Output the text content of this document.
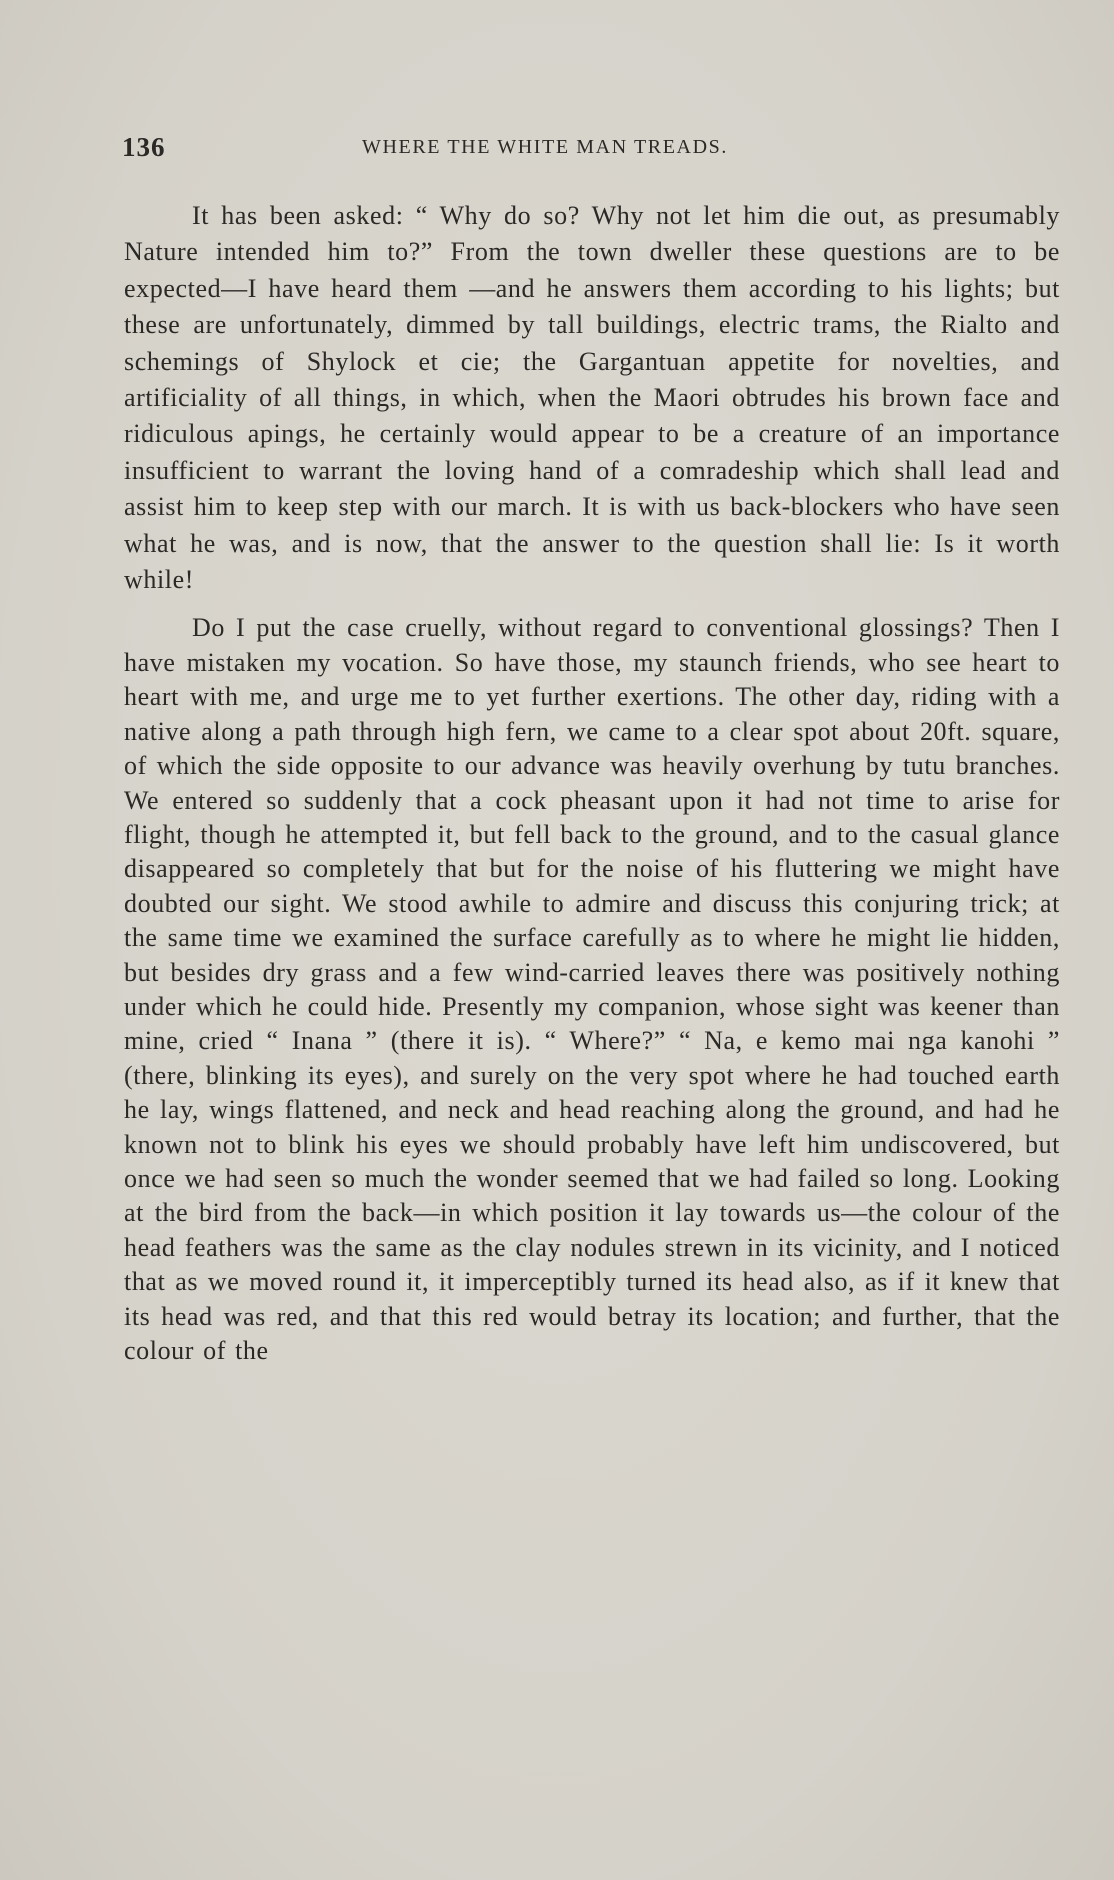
136	WHERE THE WHITE MAN TREADS.

It has been asked: “ Why do so? Why not let him die out, as presumably Nature intended him to?” From the town dweller these questions are to be expected—I have heard them —and he answers them according to his lights; but these are unfortunately, dimmed by tall buildings, electric trams, the Rialto and schemings of Shylock et cie; the Gargantuan appetite for novelties, and artificiality of all things, in which, when the Maori obtrudes his brown face and ridiculous apings, he certainly would appear to be a creature of an importance insufficient to warrant the loving hand of a comradeship which shall lead and assist him to keep step with our march. It is with us back-blockers who have seen what he was, and is now, that the answer to the question shall lie: Is it worth while!

Do I put the case cruelly, without regard to conventional glossings? Then I have mistaken my vocation. So have those, my staunch friends, who see heart to heart with me, and urge me to yet further exertions. The other day, riding with a native along a path through high fern, we came to a clear spot about 20ft. square, of which the side opposite to our advance was heavily overhung by tutu branches. We entered so suddenly that a cock pheasant upon it had not time to arise for flight, though he attempted it, but fell back to the ground, and to the casual glance disappeared so completely that but for the noise of his fluttering we might have doubted our sight. We stood awhile to admire and discuss this conjuring trick; at the same time we examined the surface carefully as to where he might lie hidden, but besides dry grass and a few wind-carried leaves there was positively nothing under which he could hide. Presently my companion, whose sight was keener than mine, cried “ Inana ” (there it is). “ Where?” “ Na, e kemo mai nga kanohi ” (there, blinking its eyes), and surely on the very spot where he had touched earth he lay, wings flattened, and neck and head reaching along the ground, and had he known not to blink his eyes we should probably have left him undiscovered, but once we had seen so much the wonder seemed that we had failed so long. Looking at the bird from the back—in which position it lay towards us—the colour of the head feathers was the same as the clay nodules strewn in its vicinity, and I noticed that as we moved round it, it imperceptibly turned its head also, as if it knew that its head was red, and that this red would betray its location; and further, that the colour of the
